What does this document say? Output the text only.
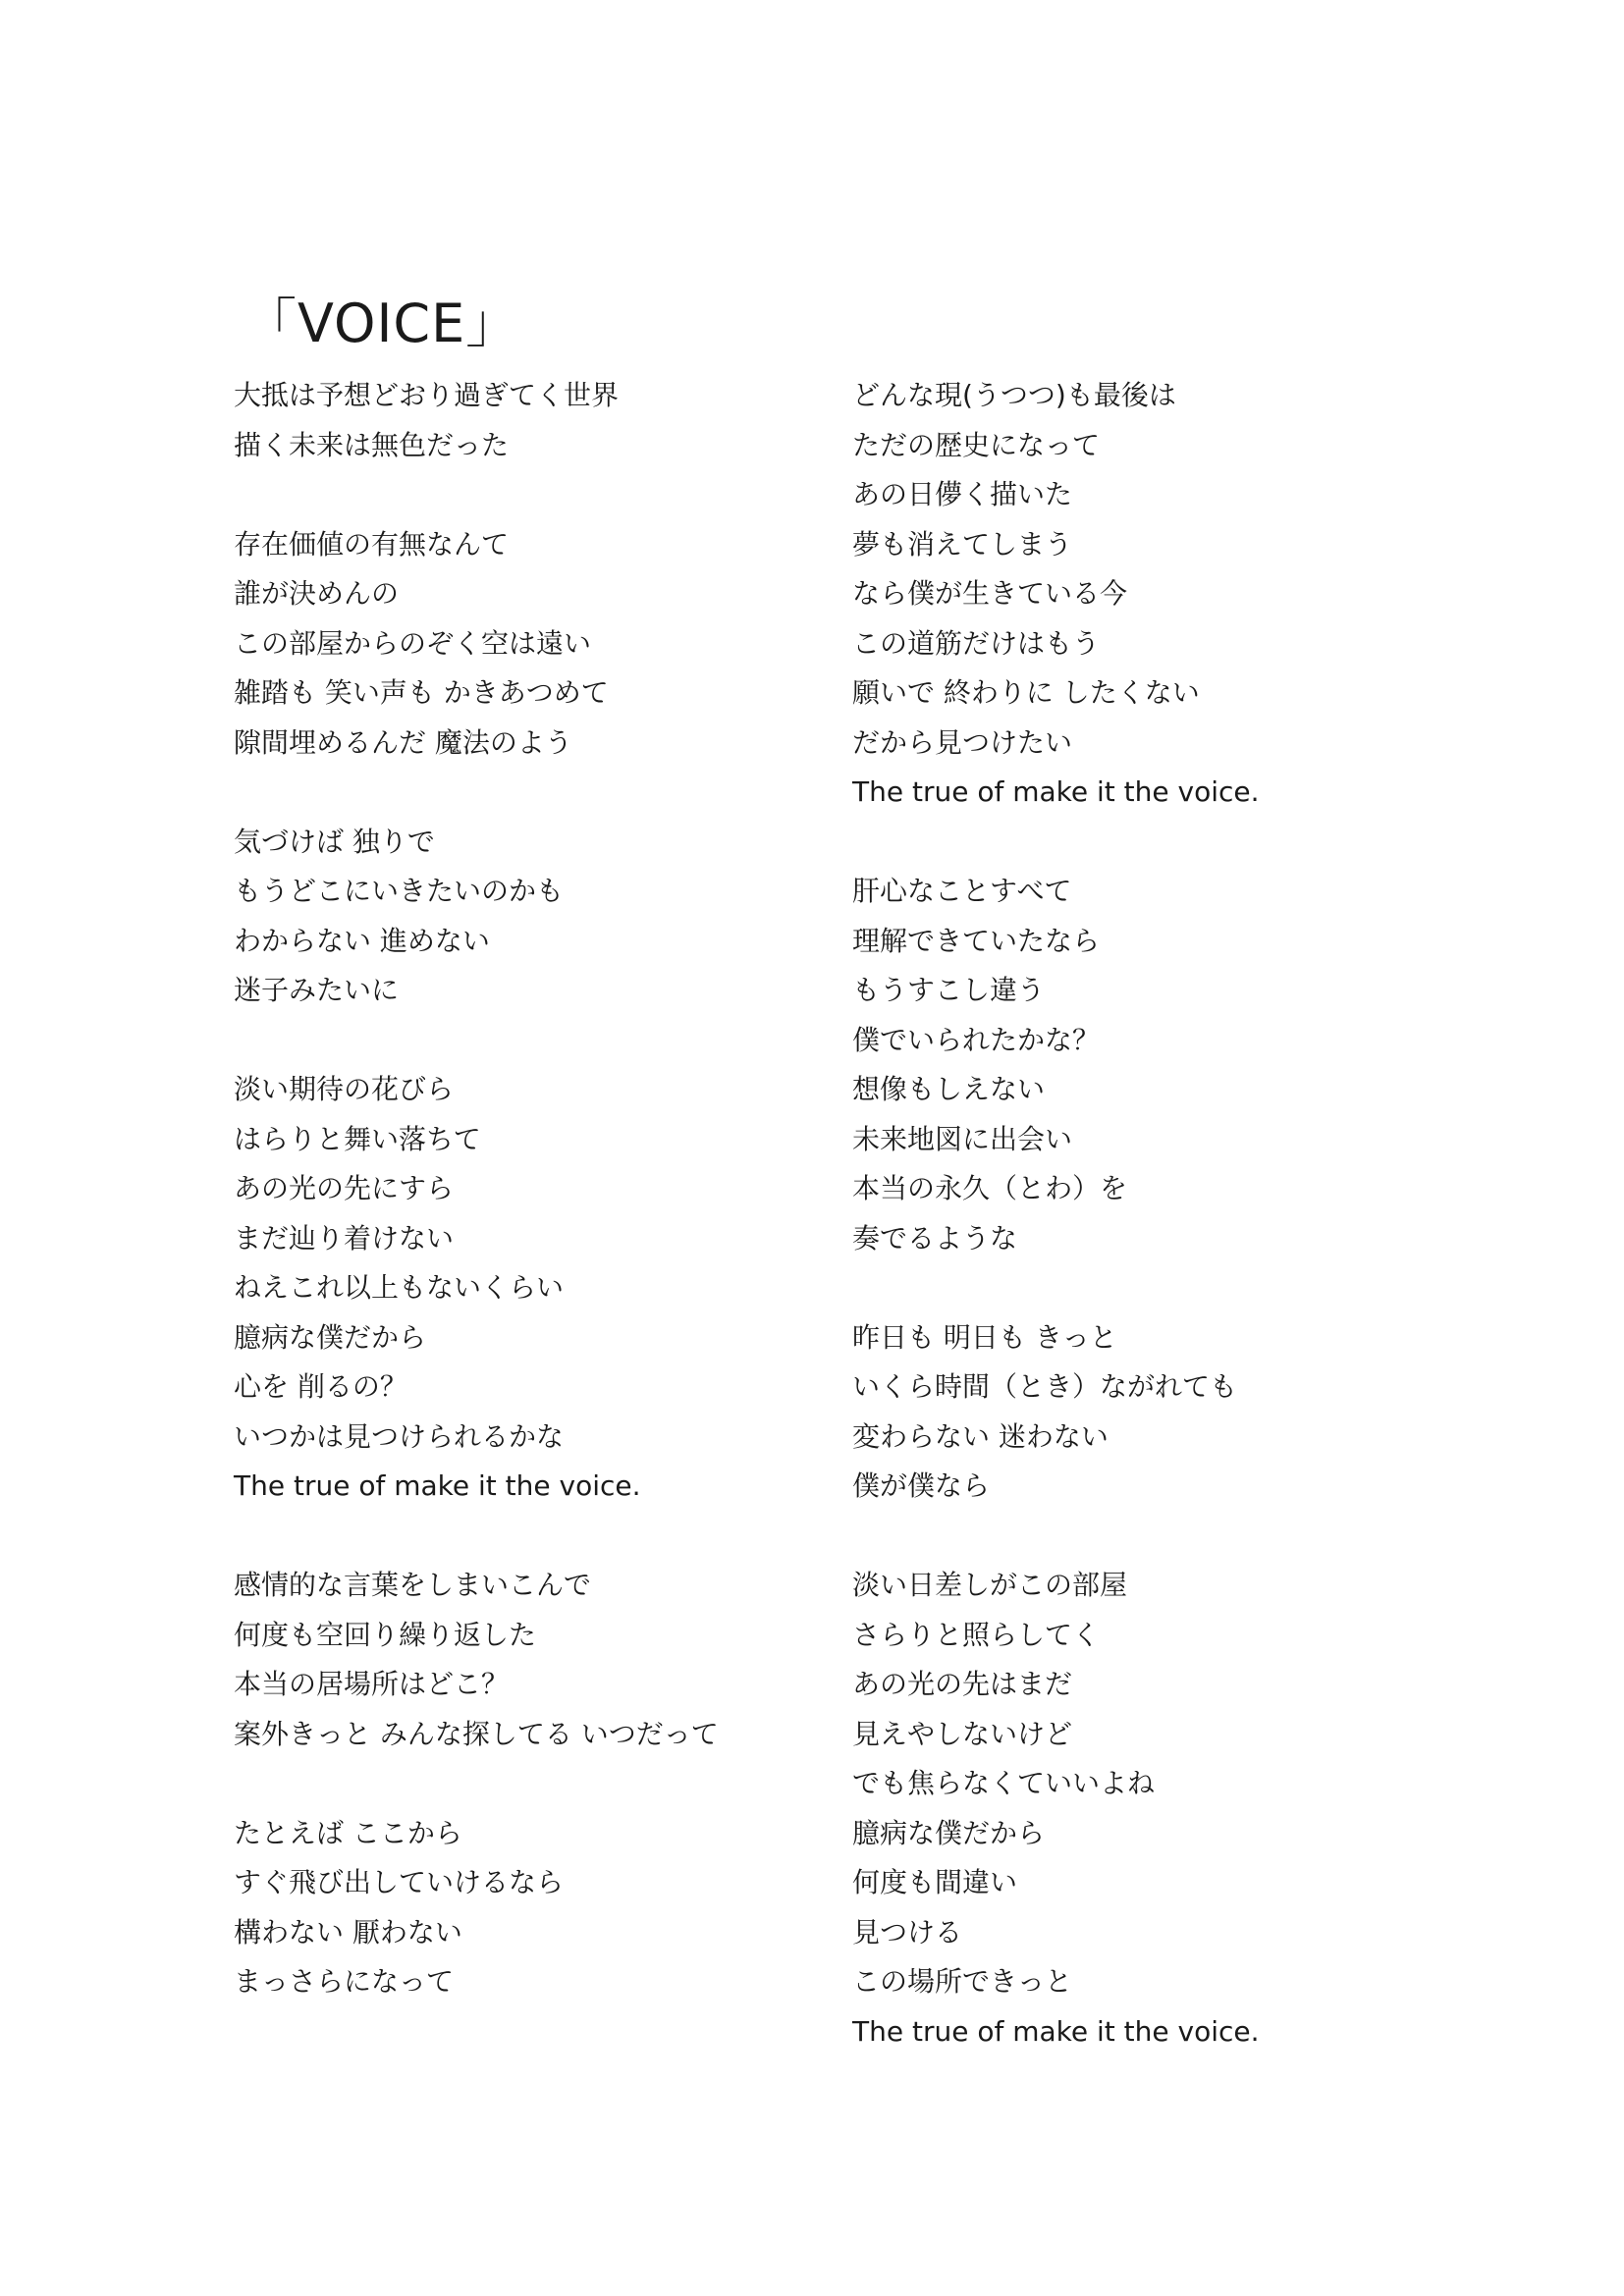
「VOICE」
大抵は予想どおり過ぎてく世界
描く未来は無色だった
存在価値の有無なんて
誰が決めんの
この部屋からのぞく空は遠い
雑踏も 笑い声も かきあつめて
隙間埋めるんだ 魔法のよう
気づけば 独りで
もうどこにいきたいのかも
わからない 進めない
迷子みたいに
淡い期待の花びら
はらりと舞い落ちて
あの光の先にすら
まだ辿り着けない
ねえこれ以上もないくらい
臆病な僕だから
心を 削るの？
いつかは見つけられるかな
The true of make it the voice.
感情的な言葉をしまいこんで
何度も空回り繰り返した
本当の居場所はどこ？
案外きっと みんな探してる いつだって
たとえば ここから
すぐ飛び出していけるなら
構わない 厭わない
まっさらになって
どんな現(うつつ)も最後は
ただの歴史になって
あの日儚く描いた
夢も消えてしまう
なら僕が生きている今
この道筋だけはもう
願いで 終わりに したくない
だから見つけたい
The true of make it the voice.
肝心なことすべて
理解できていたなら
もうすこし違う
僕でいられたかな？
想像もしえない
未来地図に出会い
本当の永久（とわ）を
奏でるような
昨日も 明日も きっと
いくら時間（とき）ながれても
変わらない 迷わない
僕が僕なら
淡い日差しがこの部屋
さらりと照らしてく
あの光の先はまだ
見えやしないけど
でも焦らなくていいよね
臆病な僕だから
何度も間違い
見つける
この場所できっと
The true of make it the voice.
